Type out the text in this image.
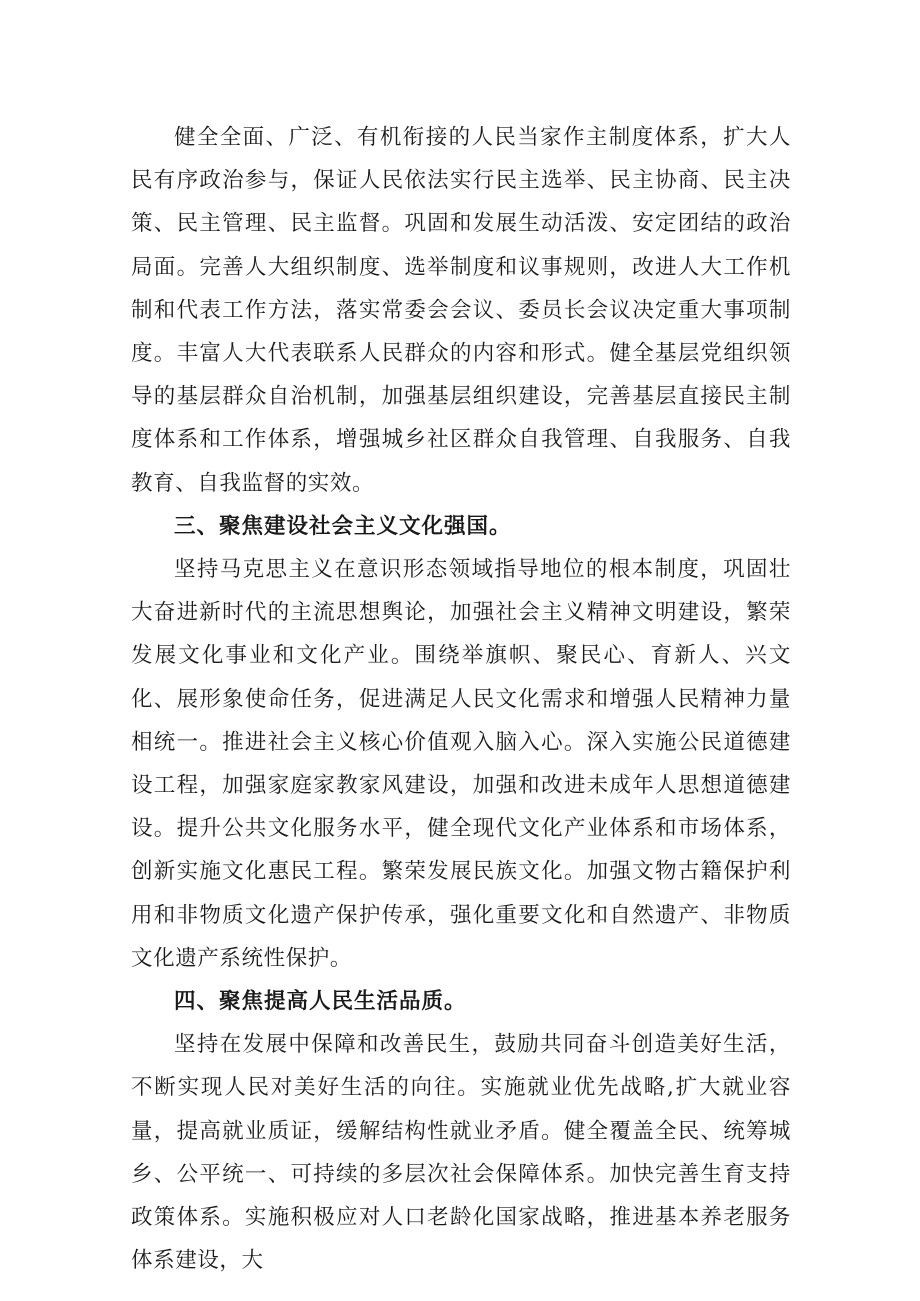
健全全面、广泛、有机衔接的人民当家作主制度体系，扩大人民有序政治参与，保证人民依法实行民主选举、民主协商、民主决策、民主管理、民主监督。巩固和发展生动活泼、安定团结的政治局面。完善人大组织制度、选举制度和议事规则，改进人大工作机制和代表工作方法，落实常委会会议、委员长会议决定重大事项制度。丰富人大代表联系人民群众的内容和形式。健全基层党组织领导的基层群众自治机制，加强基层组织建设，完善基层直接民主制度体系和工作体系，增强城乡社区群众自我管理、自我服务、自我教育、自我监督的实效。

三、聚焦建设社会主义文化强国。

坚持马克思主义在意识形态领域指导地位的根本制度，巩固壮大奋进新时代的主流思想舆论，加强社会主义精神文明建设，繁荣发展文化事业和文化产业。围绕举旗帜、聚民心、育新人、兴文化、展形象使命任务，促进满足人民文化需求和增强人民精神力量相统一。推进社会主义核心价值观入脑入心。深入实施公民道德建设工程，加强家庭家教家风建设，加强和改进未成年人思想道德建设。提升公共文化服务水平，健全现代文化产业体系和市场体系，创新实施文化惠民工程。繁荣发展民族文化。加强文物古籍保护利用和非物质文化遗产保护传承，强化重要文化和自然遗产、非物质文化遗产系统性保护。

四、聚焦提高人民生活品质。

坚持在发展中保障和改善民生，鼓励共同奋斗创造美好生活，不断实现人民对美好生活的向往。实施就业优先战略,扩大就业容量，提高就业质证，缓解结构性就业矛盾。健全覆盖全民、统筹城乡、公平统一、可持续的多层次社会保障体系。加快完善生育支持政策体系。实施积极应对人口老龄化国家战略，推进基本养老服务体系建设，大
